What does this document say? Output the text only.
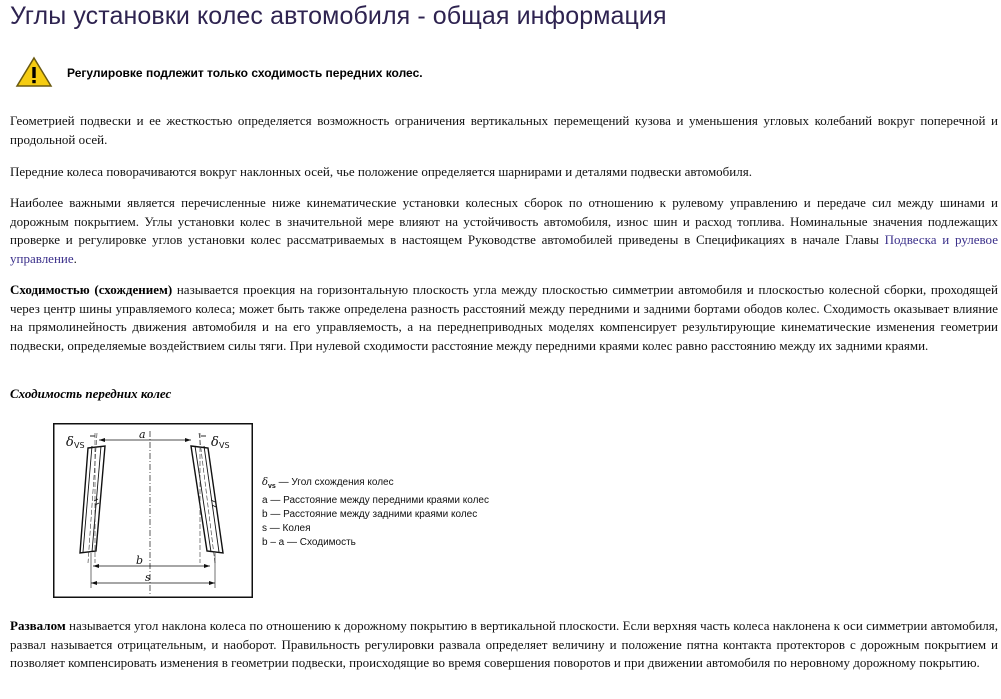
Углы установки колес автомобиля - общая информация
Регулировке подлежит только сходимость передних колес.

Геометрией подвески и ее жесткостью определяется возможность ограничения вертикальных перемещений кузова и уменьшения угловых колебаний вокруг поперечной и продольной осей.

Передние колеса поворачиваются вокруг наклонных осей, чье положение определяется шарнирами и деталями подвески автомобиля.

Наиболее важными является перечисленные ниже кинематические установки колесных сборок по отношению к рулевому управлению и передаче сил между шинами и дорожным покрытием. Углы установки колес в значительной мере влияют на устойчивость автомобиля, износ шин и расход топлива. Номинальные значения подлежащих проверке и регулировке углов установки колес рассматриваемых в настоящем Руководстве автомобилей приведены в Спецификациях в начале Главы Подвеска и рулевое управление.

Сходимостью (схождением) называется проекция на горизонтальную плоскость угла между плоскостью симметрии автомобиля и плоскостью колесной сборки, проходящей через центр шины управляемого колеса; может быть также определена разность расстояний между передними и задними бортами ободов колес. Сходимость оказывает влияние на прямолинейность движения автомобиля и на его управляемость, а на переднеприводных моделях компенсирует результирующие кинематические изменения геометрии подвески, определяемые воздействием силы тяги. При нулевой сходимости расстояние между передними краями колес равно расстоянию между их задними краями.

Сходимость передних колес
δ VS	δ VS
a
b
s
$\delta_{vs}$ — Угол схождения колес
a — Расстояние между передними краями колес
b — Расстояние между задними краями колес
s — Колея
b – a — Сходимость

Развалом называется угол наклона колеса по отношению к дорожному покрытию в вертикальной плоскости. Если верхняя часть колеса наклонена к оси симметрии автомобиля, развал называется отрицательным, и наоборот. Правильность регулировки развала определяет величину и положение пятна контакта протекторов с дорожным покрытием и позволяет компенсировать изменения в геометрии подвески, происходящие во время совершения поворотов и при движении автомобиля по неровному дорожному покрытию.
